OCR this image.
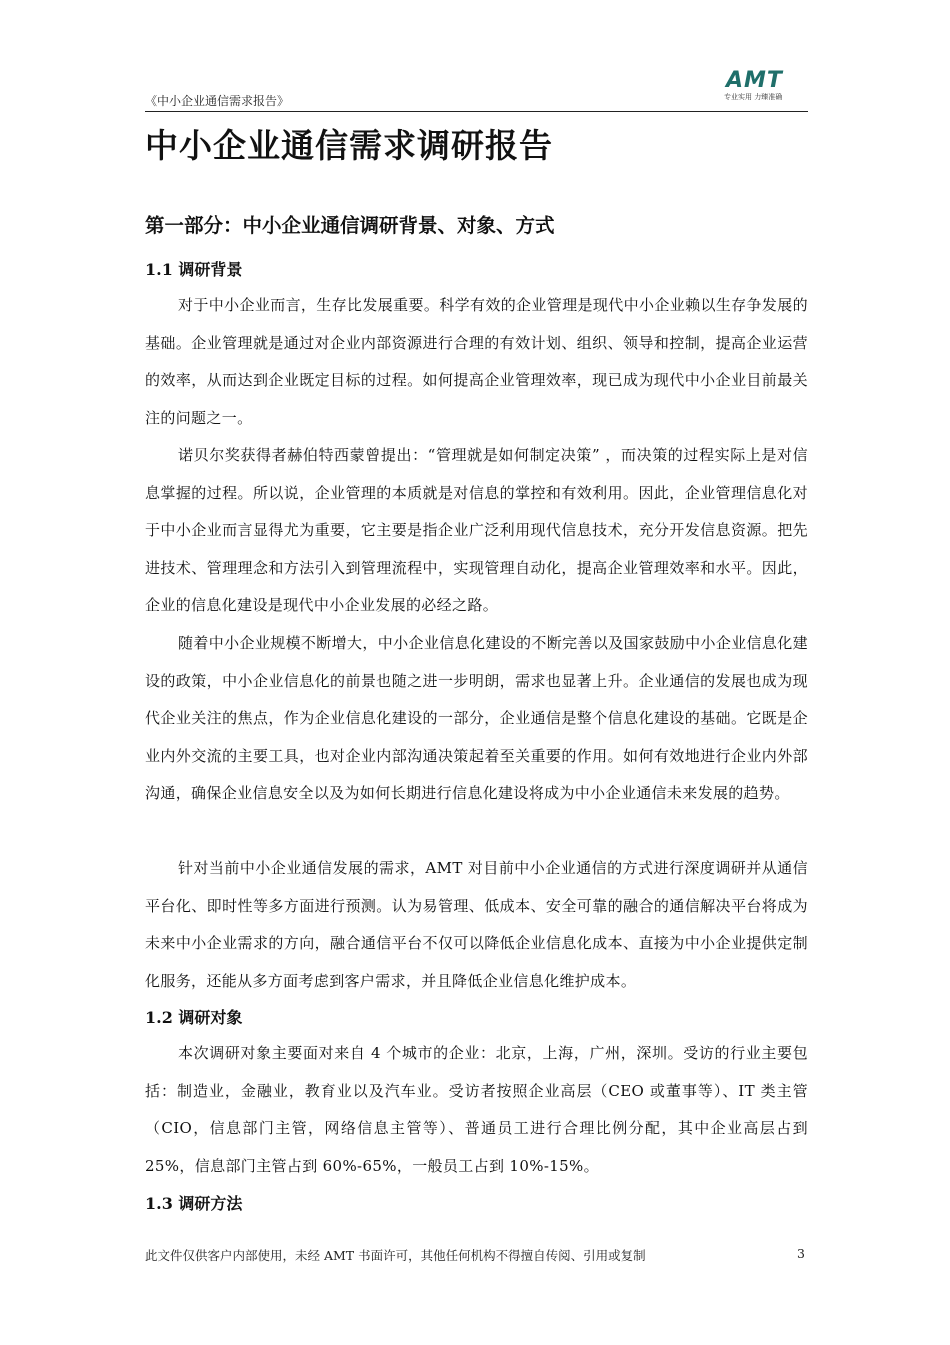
《中小企业通信需求报告》
AMT
专业实用 力臻准确
中小企业通信需求调研报告
第一部分：中小企业通信调研背景、对象、方式
1.1 调研背景

对于中小企业而言，生存比发展重要。科学有效的企业管理是现代中小企业赖以生存争发展的基础。企业管理就是通过对企业内部资源进行合理的有效计划、组织、领导和控制，提高企业运营的效率，从而达到企业既定目标的过程。如何提高企业管理效率，现已成为现代中小企业目前最关注的问题之一。

诺贝尔奖获得者赫伯特西蒙曾提出：“管理就是如何制定决策” ，而决策的过程实际上是对信息掌握的过程。所以说，企业管理的本质就是对信息的掌控和有效利用。因此，企业管理信息化对于中小企业而言显得尤为重要，它主要是指企业广泛利用现代信息技术，充分开发信息资源。把先进技术、管理理念和方法引入到管理流程中，实现管理自动化，提高企业管理效率和水平。因此，企业的信息化建设是现代中小企业发展的必经之路。

随着中小企业规模不断增大，中小企业信息化建设的不断完善以及国家鼓励中小企业信息化建设的政策，中小企业信息化的前景也随之进一步明朗，需求也显著上升。企业通信的发展也成为现代企业关注的焦点，作为企业信息化建设的一部分，企业通信是整个信息化建设的基础。它既是企业内外交流的主要工具，也对企业内部沟通决策起着至关重要的作用。如何有效地进行企业内外部沟通，确保企业信息安全以及为如何长期进行信息化建设将成为中小企业通信未来发展的趋势。

针对当前中小企业通信发展的需求，AMT 对目前中小企业通信的方式进行深度调研并从通信平台化、即时性等多方面进行预测。认为易管理、低成本、安全可靠的融合的通信解决平台将成为未来中小企业需求的方向，融合通信平台不仅可以降低企业信息化成本、直接为中小企业提供定制化服务，还能从多方面考虑到客户需求，并且降低企业信息化维护成本。

1.2 调研对象

本次调研对象主要面对来自 4 个城市的企业：北京，上海，广州，深圳。受访的行业主要包括：制造业，金融业，教育业以及汽车业。受访者按照企业高层（CEO 或董事等）、IT 类主管（CIO，信息部门主管，网络信息主管等）、普通员工进行合理比例分配，其中企业高层占到 25%，信息部门主管占到 60%-65%，一般员工占到 10%-15%。

1.3 调研方法
此文件仅供客户内部使用，未经 AMT 书面许可，其他任何机构不得擅自传阅、引用或复制	3
